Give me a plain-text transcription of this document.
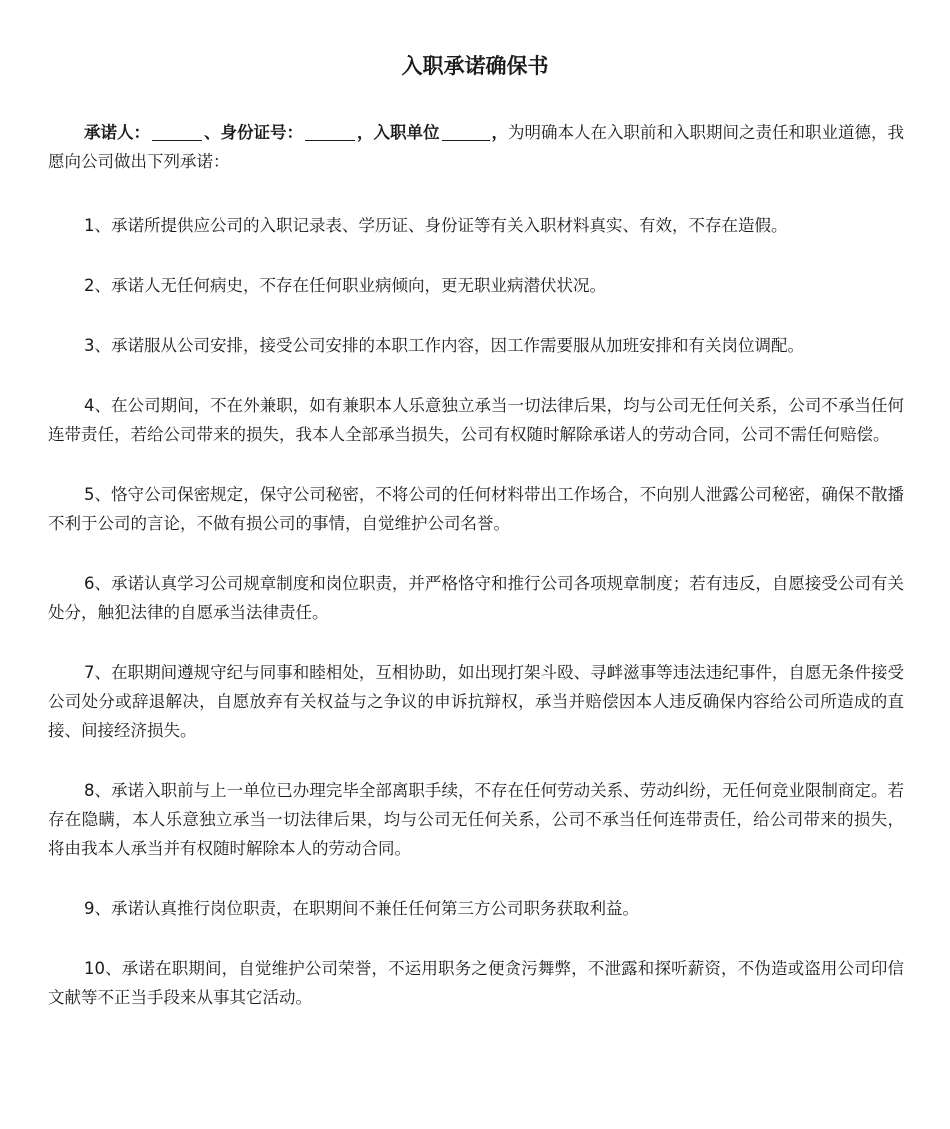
入职承诺确保书

承诺人：	、身份证号：	，入职单位	，为明确本人在入职前和入职期间之责任和职业道德，我愿向公司做出下列承诺：

1、承诺所提供应公司的入职记录表、学历证、身份证等有关入职材料真实、有效，不存在造假。

2、承诺人无任何病史，不存在任何职业病倾向，更无职业病潜伏状况。

3、承诺服从公司安排，接受公司安排的本职工作内容，因工作需要服从加班安排和有关岗位调配。

4、在公司期间，不在外兼职，如有兼职本人乐意独立承当一切法律后果，均与公司无任何关系，公司不承当任何连带责任，若给公司带来的损失，我本人全部承当损失，公司有权随时解除承诺人的劳动合同，公司不需任何赔偿。

5、恪守公司保密规定，保守公司秘密，不将公司的任何材料带出工作场合，不向别人泄露公司秘密，确保不散播不利于公司的言论，不做有损公司的事情，自觉维护公司名誉。

6、承诺认真学习公司规章制度和岗位职责，并严格恪守和推行公司各项规章制度；若有违反，自愿接受公司有关处分，触犯法律的自愿承当法律责任。

7、在职期间遵规守纪与同事和睦相处，互相协助，如出现打架斗殴、寻衅滋事等违法违纪事件，自愿无条件接受公司处分或辞退解决，自愿放弃有关权益与之争议的申诉抗辩权，承当并赔偿因本人违反确保内容给公司所造成的直接、间接经济损失。

8、承诺入职前与上一单位已办理完毕全部离职手续，不存在任何劳动关系、劳动纠纷，无任何竞业限制商定。若存在隐瞒，本人乐意独立承当一切法律后果，均与公司无任何关系，公司不承当任何连带责任，给公司带来的损失，将由我本人承当并有权随时解除本人的劳动合同。

9、承诺认真推行岗位职责，在职期间不兼任任何第三方公司职务获取利益。

10、承诺在职期间，自觉维护公司荣誉，不运用职务之便贪污舞弊，不泄露和探听薪资，不伪造或盗用公司印信文献等不正当手段来从事其它活动。
